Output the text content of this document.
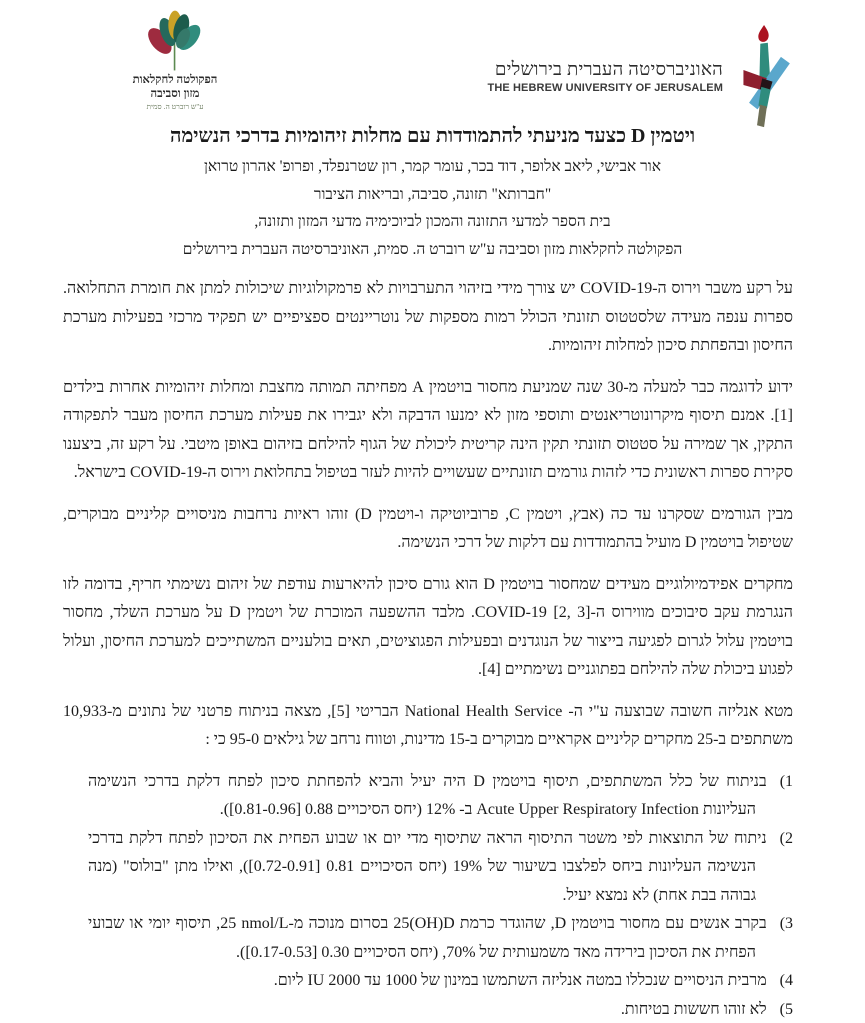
הפקולטה לחקלאות
מזון וסביבה
ע"ש רוברט ה. סמית
האוניברסיטה העברית בירושלים
THE HEBREW UNIVERSITY OF JERUSALEM
ויטמין D כצעד מניעתי להתמודדות עם מחלות זיהומיות בדרכי הנשימה
אור אבישי, ליאב אלופר, דוד בכר, עומר קמר, רון שטרנפלד, ופרופ' אהרון טרואן
"חברותא" תזונה, סביבה, ובריאות הציבור
בית הספר למדעי התזונה והמכון לביוכימיה מדעי המזון ותזונה,
הפקולטה לחקלאות מזון וסביבה ע"ש רוברט ה. סמית, האוניברסיטה העברית בירושלים

על רקע משבר וירוס ה-COVID-19 יש צורך מידי בזיהוי התערבויות לא פרמקולוגיות שיכולות למתן את חומרת התחלואה. ספרות ענפה מעידה שלסטטוס תזונתי הכולל רמות מספקות של נוטריינטים ספציפיים יש תפקיד מרכזי בפעילות מערכת החיסון ובהפחתת סיכון למחלות זיהומיות.

ידוע לדוגמה כבר למעלה מ-30 שנה שמניעת מחסור בויטמין A מפחיתה תמותה מחצבת ומחלות זיהומיות אחרות בילדים [1]. אמנם תיסוף מיקרונוטריאנטים ותוספי מזון לא ימנעו הדבקה ולא יגבירו את פעילות מערכת החיסון מעבר לתפקודה התקין, אך שמירה על סטטוס תזונתי תקין הינה קריטית ליכולת של הגוף להילחם בזיהום באופן מיטבי. על רקע זה, ביצענו סקירת ספרות ראשונית כדי לזהות גורמים תזונתיים שעשויים להיות לעזר בטיפול בתחלואת וירוס ה-COVID-19 בישראל.

מבין הגורמים שסקרנו עד כה (אבץ, ויטמין C, פרוביוטיקה ו-ויטמין D) זוהו ראיות נרחבות מניסויים קליניים מבוקרים, שטיפול בויטמין D מועיל בהתמודדות עם דלקות של דרכי הנשימה.

מחקרים אפידמיולוגיים מעידים שמחסור בויטמין D הוא גורם סיכון להיארעות עודפת של זיהום נשימתי חריף, בדומה לזו הנגרמת עקב סיבוכים מווירוס ה-COVID-19 [2, 3]. מלבד ההשפעה המוכרת של ויטמין D על מערכת השלד, מחסור בויטמין עלול לגרום לפגיעה בייצור של הנוגדנים ובפעילות הפגוציטים, תאים בולעניים המשתייכים למערכת החיסון, ועלול לפגוע ביכולת שלה להילחם בפתוגניים נשימתיים [4].

מטא אנליזה חשובה שבוצעה ע"י ה- National Health Service הבריטי [5], מצאה בניתוח פרטני של נתונים מ-10,933 משתתפים ב-25 מחקרים קליניים אקראיים מבוקרים ב-15 מדינות, וטווח נרחב של גילאים 95-0 כי :

1)בניתוח של כלל המשתתפים, תיסוף בויטמין D היה יעיל והביא להפחתת סיכון לפתח דלקת בדרכי הנשימה העליונות Acute Upper Respiratory Infection ב- 12% (יחס הסיכויים 0.88 [0.81-0.96]).
2)ניתוח של התוצאות לפי משטר התיסוף הראה שתיסוף מדי יום או שבוע הפחית את הסיכון לפתח דלקת בדרכי הנשימה העליונות ביחס לפלצבו בשיעור של 19% (יחס הסיכויים 0.81 [0.72-0.91]), ואילו מתן "בולוס" (מנה גבוהה בבת אחת) לא נמצא יעיל.
3)בקרב אנשים עם מחסור בויטמין D, שהוגדר כרמת ‪25(OH)D‬ בסרום מנוכה מ-‪25 nmol/L‬, תיסוף יומי או שבועי הפחית את הסיכון בירידה מאד משמעותית של 70%, (יחס הסיכויים 0.30 [0.17-0.53]).
4)מרבית הניסויים שנכללו במטה אנליזה השתמשו במינון של 1000 עד 2000 IU ליום.
5)לא זוהו חששות בטיחות.
